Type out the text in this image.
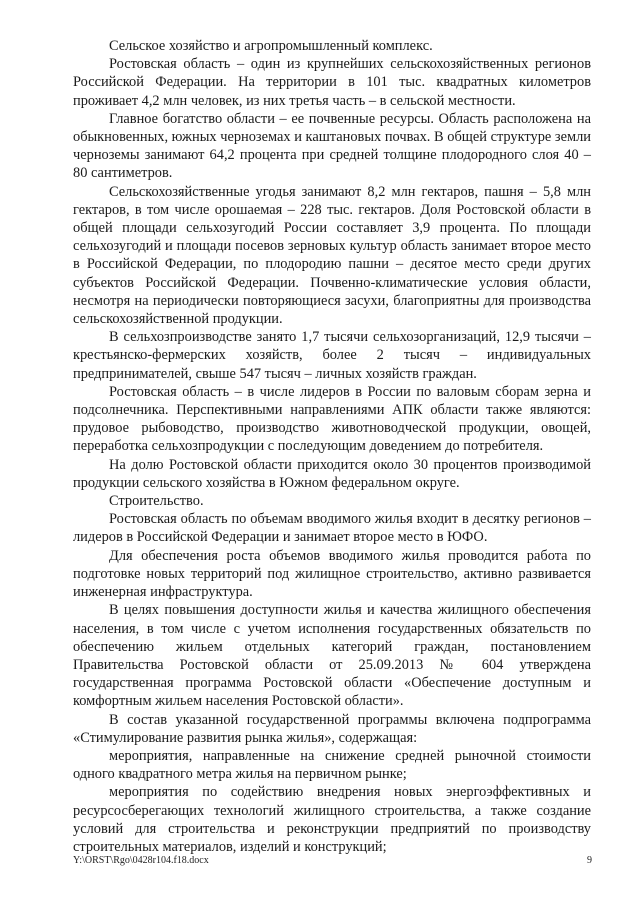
Сельское хозяйство и агропромышленный комплекс.

Ростовская область – один из крупнейших сельскохозяйственных регионов Российской Федерации. На территории в 101 тыс. квадратных километров проживает 4,2 млн человек, из них третья часть – в сельской местности.

Главное богатство области – ее почвенные ресурсы. Область расположена на обыкновенных, южных черноземах и каштановых почвах. В общей структуре земли черноземы занимают 64,2 процента при средней толщине плодородного слоя 40 – 80 сантиметров.

Сельскохозяйственные угодья занимают 8,2 млн гектаров, пашня – 5,8 млн гектаров, в том числе орошаемая – 228 тыс. гектаров. Доля Ростовской области в общей площади сельхозугодий России составляет 3,9 процента. По площади сельхозугодий и площади посевов зерновых культур область занимает второе место в Российской Федерации, по плодородию пашни – десятое место среди других субъектов Российской Федерации. Почвенно-климатические условия области, несмотря на периодически повторяющиеся засухи, благоприятны для производства сельскохозяйственной продукции.

В сельхозпроизводстве занято 1,7 тысячи сельхозорганизаций, 12,9 тысячи – крестьянско-фермерских хозяйств, более 2 тысяч – индивидуальных предпринимателей, свыше 547 тысяч – личных хозяйств граждан.

Ростовская область – в числе лидеров в России по валовым сборам зерна и подсолнечника. Перспективными направлениями АПК области также являются: прудовое рыбоводство, производство животноводческой продукции, овощей, переработка сельхозпродукции с последующим доведением до потребителя.

На долю Ростовской области приходится около 30 процентов производимой продукции сельского хозяйства в Южном федеральном округе.

Строительство.

Ростовская область по объемам вводимого жилья входит в десятку регионов – лидеров в Российской Федерации и занимает второе место в ЮФО.

Для обеспечения роста объемов вводимого жилья проводится работа по подготовке новых территорий под жилищное строительство, активно развивается инженерная инфраструктура.

В целях повышения доступности жилья и качества жилищного обеспечения населения, в том числе с учетом исполнения государственных обязательств по обеспечению жильем отдельных категорий граждан, постановлением Правительства Ростовской области от 25.09.2013 № 604 утверждена государственная программа Ростовской области «Обеспечение доступным и комфортным жильем населения Ростовской области».

В состав указанной государственной программы включена подпрограмма «Стимулирование развития рынка жилья», содержащая:

мероприятия, направленные на снижение средней рыночной стоимости одного квадратного метра жилья на первичном рынке;

мероприятия по содействию внедрения новых энергоэффективных и ресурсосберегающих технологий жилищного строительства, а также создание условий для строительства и реконструкции предприятий по производству строительных материалов, изделий и конструкций;

Y:\ORST\Rgo\0428r104.f18.docx	9
